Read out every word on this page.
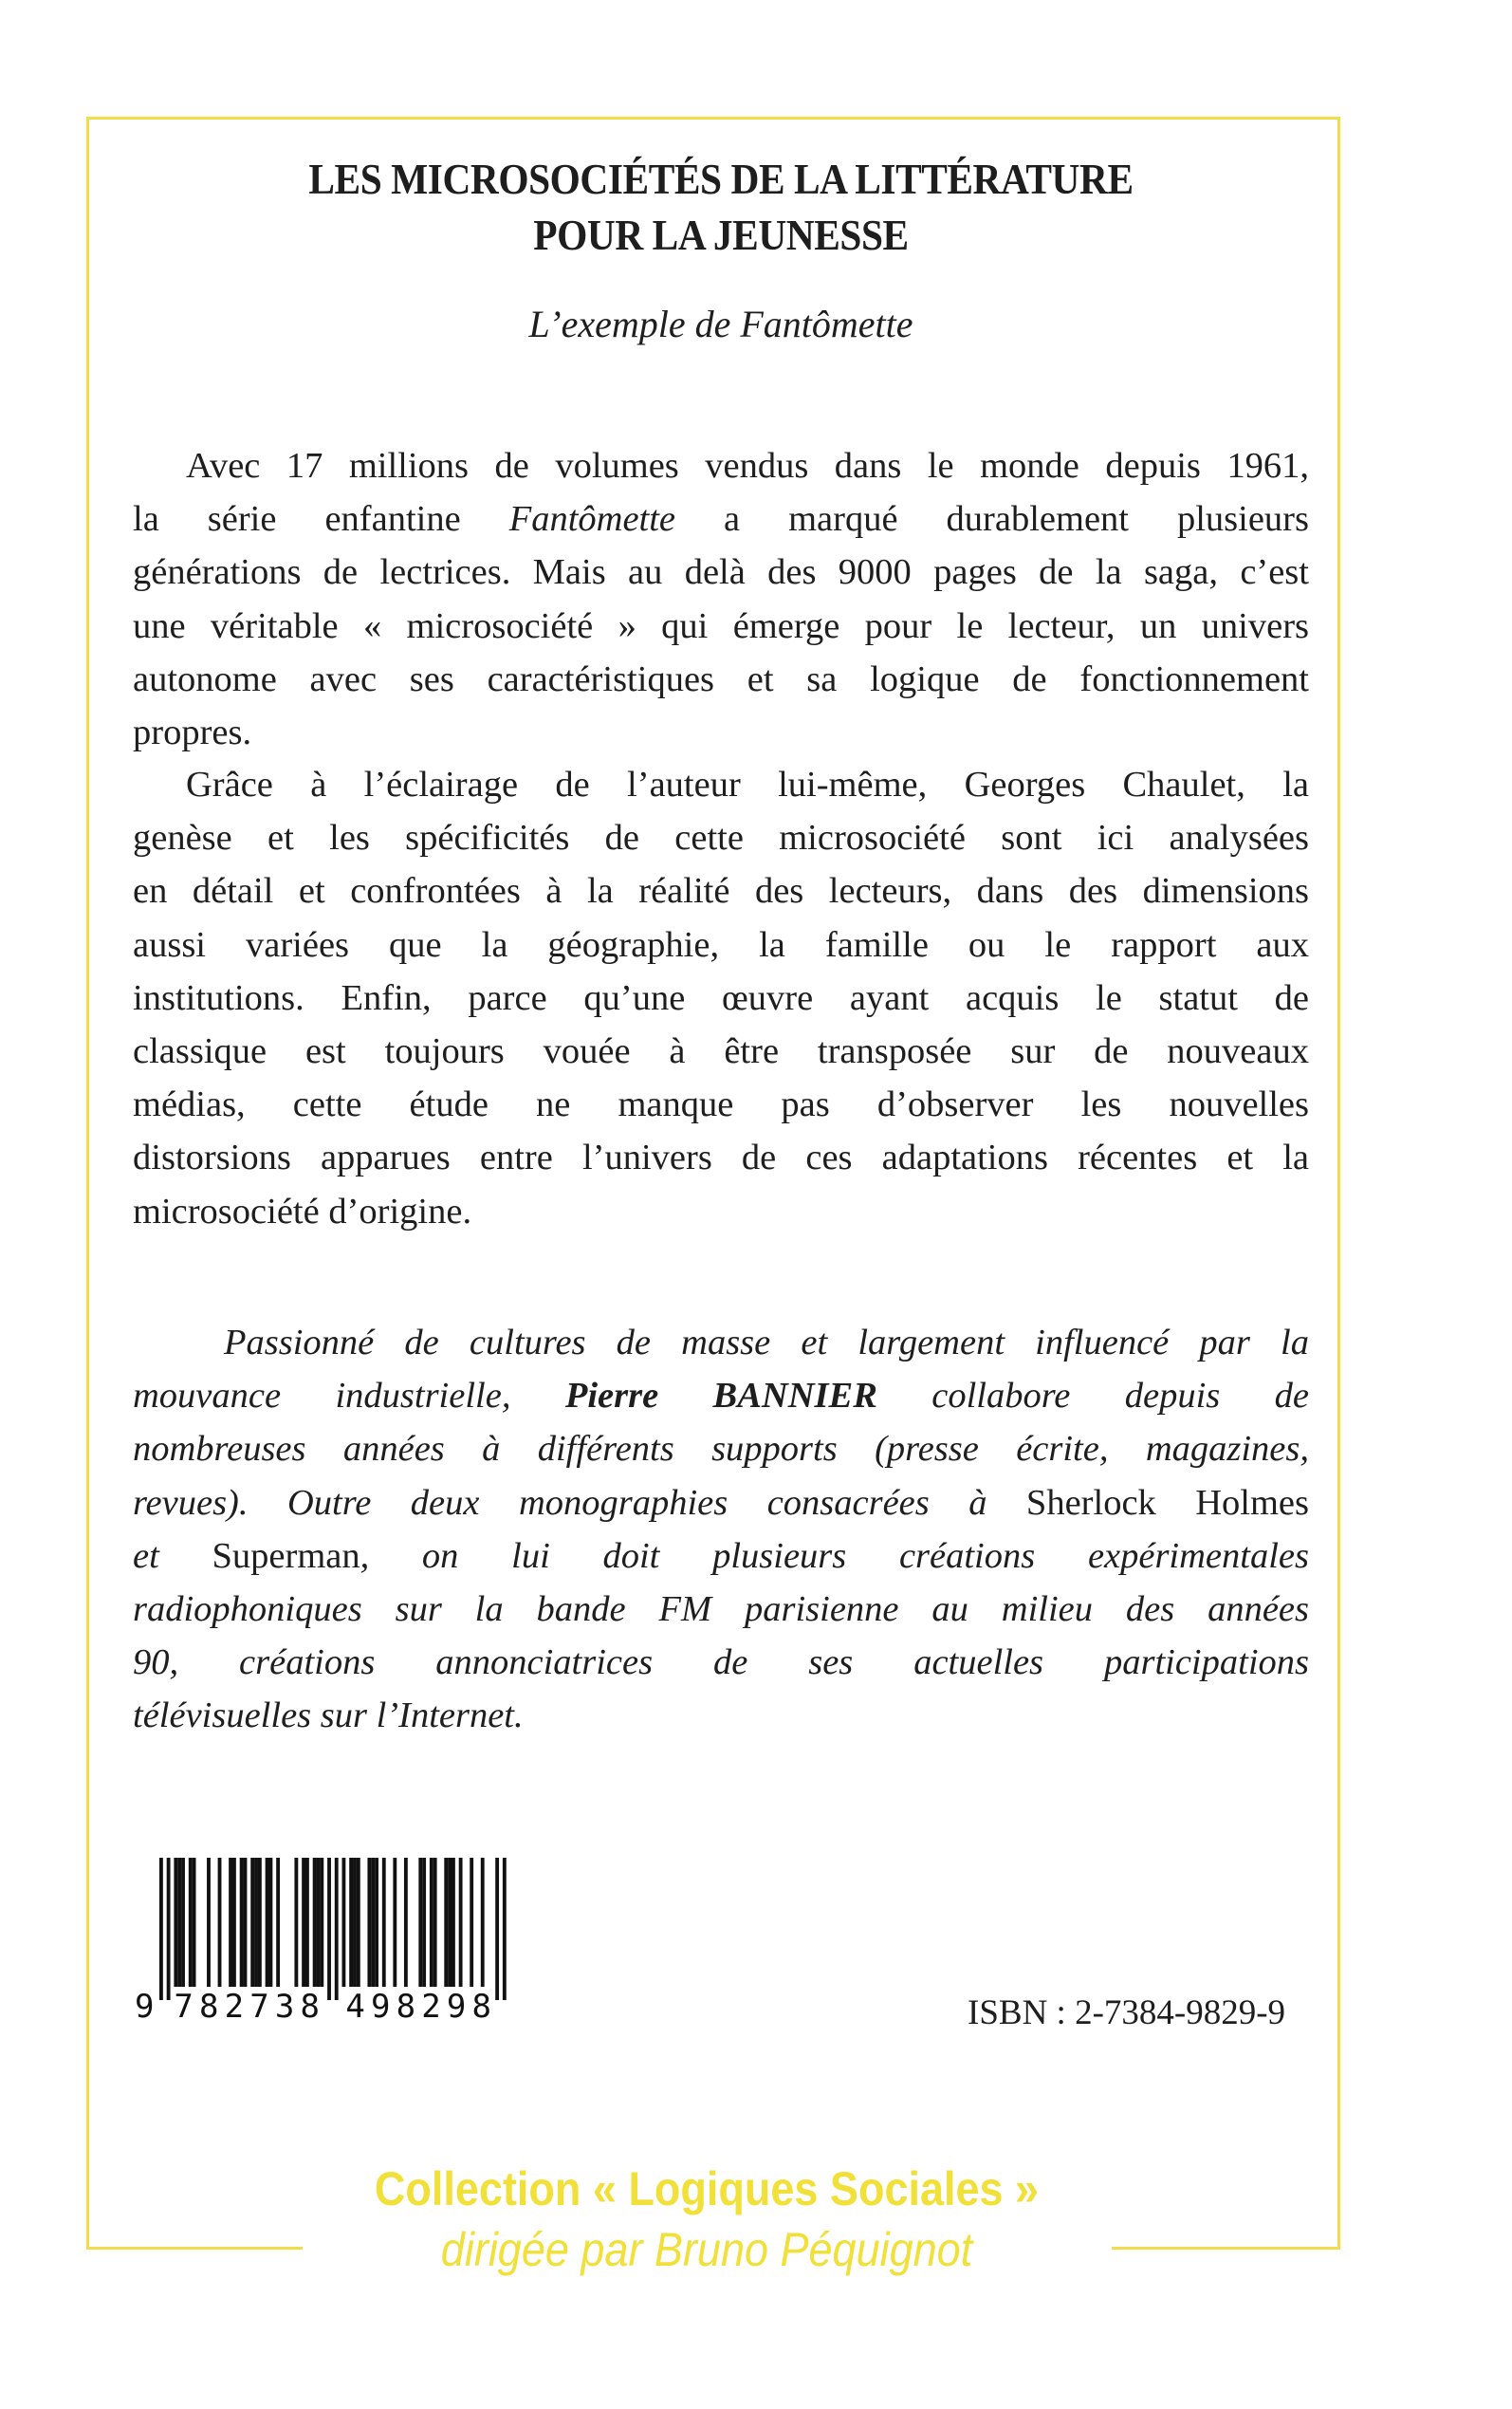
LES MICROSOCIÉTÉS DE LA LITTÉRATURE
POUR LA JEUNESSE
L’exemple de Fantômette
Avec 17 millions de volumes vendus dans le monde depuis 1961,
la série enfantine Fantômette a marqué durablement plusieurs
générations de lectrices. Mais au delà des 9000 pages de la saga, c’est
une véritable « microsociété » qui émerge pour le lecteur, un univers
autonome avec ses caractéristiques et sa logique de fonctionnement
propres.
Grâce à l’éclairage de l’auteur lui-même, Georges Chaulet, la
genèse et les spécificités de cette microsociété sont ici analysées
en détail et confrontées à la réalité des lecteurs, dans des dimensions
aussi variées que la géographie, la famille ou le rapport aux
institutions. Enfin, parce qu’une œuvre ayant acquis le statut de
classique est toujours vouée à être transposée sur de nouveaux
médias, cette étude ne manque pas d’observer les nouvelles
distorsions apparues entre l’univers de ces adaptations récentes et la
microsociété d’origine.
Passionné de cultures de masse et largement influencé par la
mouvance industrielle, Pierre BANNIER collabore depuis de
nombreuses années à différents supports (presse écrite, magazines,
revues). Outre deux monographies consacrées à Sherlock Holmes
et Superman, on lui doit plusieurs créations expérimentales
radiophoniques sur la bande FM parisienne au milieu des années
90, créations annonciatrices de ses actuelles participations
télévisuelles sur l’Internet.
9 782738 498298	ISBN : 2-7384-9829-9
Collection « Logiques Sociales »
dirigée par Bruno Péquignot
